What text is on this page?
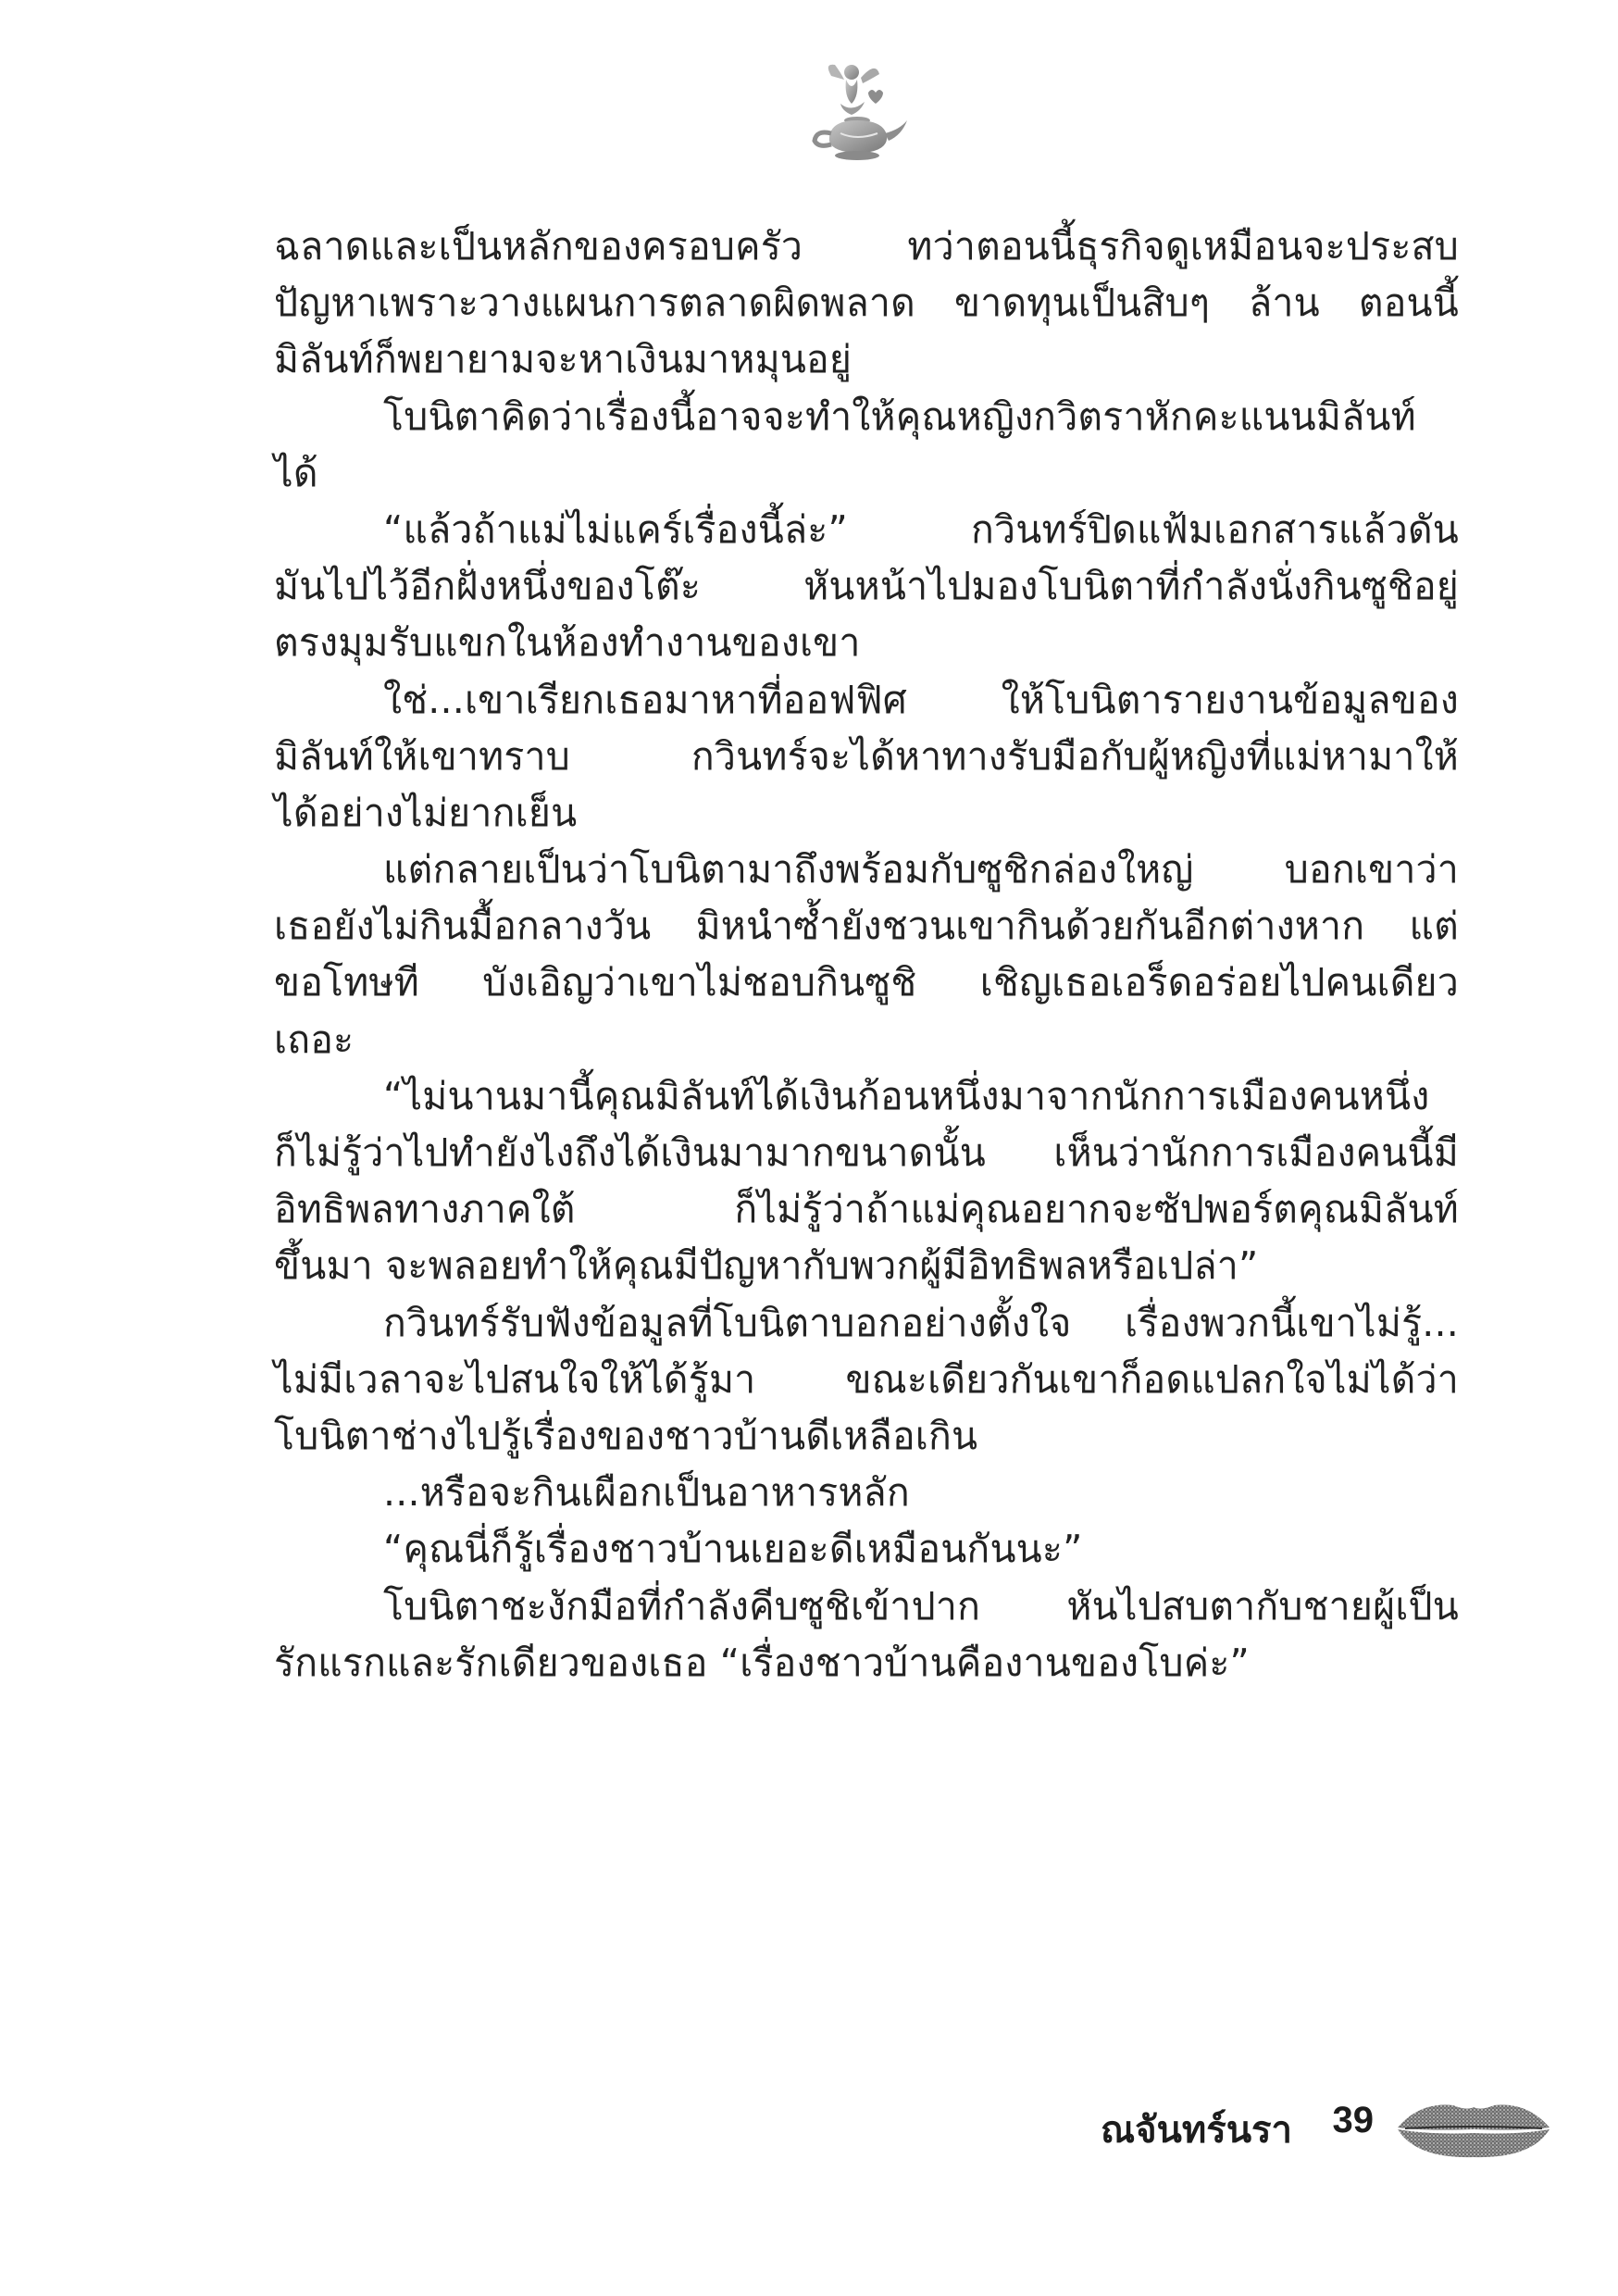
ฉลาดและเป็นหลักของครอบครัว ทว่าตอนนี้ธุรกิจดูเหมือนจะประสบ
ปัญหาเพราะวางแผนการตลาดผิดพลาด ขาดทุนเป็นสิบๆ ล้าน ตอนนี้
มิลันท์ก็พยายามจะหาเงินมาหมุนอยู่
โบนิตาคิดว่าเรื่องนี้อาจจะทำให้คุณหญิงกวิตราหักคะแนนมิลันท์
ได้
“แล้วถ้าแม่ไม่แคร์เรื่องนี้ล่ะ” กวินทร์ปิดแฟ้มเอกสารแล้วดัน
มันไปไว้อีกฝั่งหนึ่งของโต๊ะ หันหน้าไปมองโบนิตาที่กำลังนั่งกินซูชิอยู่
ตรงมุมรับแขกในห้องทำงานของเขา
ใช่...เขาเรียกเธอมาหาที่ออฟฟิศ ให้โบนิตารายงานข้อมูลของ
มิลันท์ให้เขาทราบ กวินทร์จะได้หาทางรับมือกับผู้หญิงที่แม่หามาให้
ได้อย่างไม่ยากเย็น
แต่กลายเป็นว่าโบนิตามาถึงพร้อมกับซูชิกล่องใหญ่ บอกเขาว่า
เธอยังไม่กินมื้อกลางวัน มิหนำซ้ำยังชวนเขากินด้วยกันอีกต่างหาก แต่
ขอโทษที บังเอิญว่าเขาไม่ชอบกินซูชิ เชิญเธอเอร็ดอร่อยไปคนเดียว
เถอะ
“ไม่นานมานี้คุณมิลันท์ได้เงินก้อนหนึ่งมาจากนักการเมืองคนหนึ่ง
ก็ไม่รู้ว่าไปทำยังไงถึงได้เงินมามากขนาดนั้น เห็นว่านักการเมืองคนนี้มี
อิทธิพลทางภาคใต้ ก็ไม่รู้ว่าถ้าแม่คุณอยากจะซัปพอร์ตคุณมิลันท์
ขึ้นมา จะพลอยทำให้คุณมีปัญหากับพวกผู้มีอิทธิพลหรือเปล่า”
กวินทร์รับฟังข้อมูลที่โบนิตาบอกอย่างตั้งใจ เรื่องพวกนี้เขาไม่รู้...
ไม่มีเวลาจะไปสนใจให้ได้รู้มา ขณะเดียวกันเขาก็อดแปลกใจไม่ได้ว่า
โบนิตาช่างไปรู้เรื่องของชาวบ้านดีเหลือเกิน
...หรือจะกินเผือกเป็นอาหารหลัก
“คุณนี่ก็รู้เรื่องชาวบ้านเยอะดีเหมือนกันนะ”
โบนิตาชะงักมือที่กำลังคีบซูชิเข้าปาก หันไปสบตากับชายผู้เป็น
รักแรกและรักเดียวของเธอ “เรื่องชาวบ้านคืองานของโบค่ะ”
ณจันทร์นรา 39
